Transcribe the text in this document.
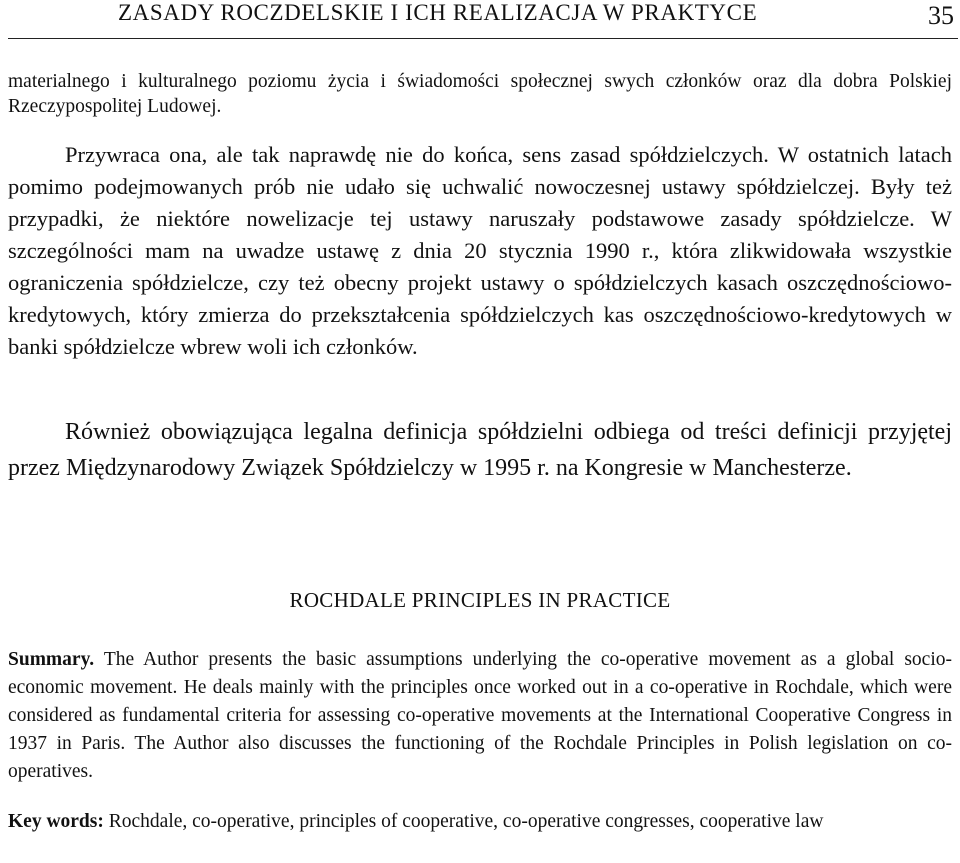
ZASADY ROCZDELSKIE I ICH REALIZACJA W PRAKTYCE	35

materialnego i kulturalnego poziomu życia i świadomości społecznej swych członków oraz dla dobra Polskiej Rzeczypospolitej Ludowej.

Przywraca ona, ale tak naprawdę nie do końca, sens zasad spółdzielczych. W ostatnich latach pomimo podejmowanych prób nie udało się uchwalić nowoczesnej ustawy spółdzielczej. Były też przypadki, że niektóre nowelizacje tej ustawy naruszały podstawowe zasady spółdzielcze. W szczególności mam na uwadze ustawę z dnia 20 stycznia 1990 r., która zlikwidowała wszystkie ograniczenia spółdzielcze, czy też obecny projekt ustawy o spółdzielczych kasach oszczędnościowo-kredytowych, który zmierza do przekształcenia spółdzielczych kas oszczędnościowo-kredytowych w banki spółdzielcze wbrew woli ich członków.

Również obowiązująca legalna definicja spółdzielni odbiega od treści definicji przyjętej przez Międzynarodowy Związek Spółdzielczy w 1995 r. na Kongresie w Manchesterze.

ROCHDALE PRINCIPLES IN PRACTICE

Summary. The Author presents the basic assumptions underlying the co-operative movement as a global socio-economic movement. He deals mainly with the principles once worked out in a co-operative in Rochdale, which were considered as fundamental criteria for assessing co-operative movements at the International Cooperative Congress in 1937 in Paris. The Author also discusses the functioning of the Rochdale Principles in Polish legislation on co-operatives.

Key words: Rochdale, co-operative, principles of cooperative, co-operative congresses, cooperative law
